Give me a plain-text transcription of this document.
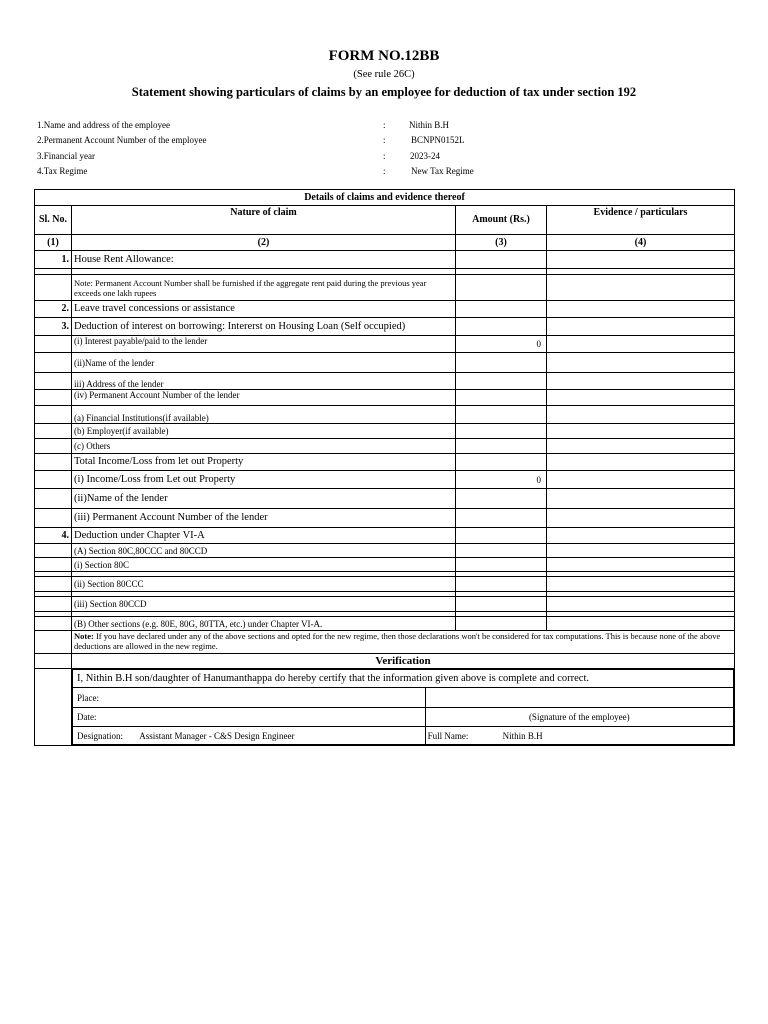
FORM NO.12BB
(See rule 26C)
Statement showing particulars of claims by an employee for deduction of tax under section 192
1.Name and address of the employee	:	Nithin B.H
2.Permanent Account Number of the employee	:	BCNPN0152L
3.Financial year	:	2023-24
4.Tax Regime	:	New Tax Regime
Details of claims and evidence thereof
Sl. No.	Nature of claim	Amount (Rs.)	Evidence / particulars
(1)	(2)	(3)	(4)
1.	House Rent Allowance:		

	Note: Permanent Account Number shall be furnished if the aggregate rent paid during the previous year exceeds one lakh rupees		
2.	Leave travel concessions or assistance		
3.	Deduction of interest on borrowing: Intererst on Housing Loan (Self occupied)		
	(i) Interest payable/paid to the lender	0	
	(ii)Name of the lender		
	iii) Address of the lender		
	(iv) Permanent Account Number of the lender		
	(a) Financial Institutions(if available)		
	(b) Employer(if available)		
	(c) Others		
	Total Income/Loss from let out Property		
	(i) Income/Loss from Let out Property	0	
	(ii)Name of the lender		
	(iii) Permanent Account Number of the lender		
4.	Deduction under Chapter VI-A		
	(A) Section 80C,80CCC and 80CCD		
	(i) Section 80C		

	(ii) Section 80CCC		

	(iii) Section 80CCD		

	(B) Other sections (e.g. 80E, 80G, 80TTA, etc.) under Chapter VI-A.		
	Note: If you have declared under any of the above sections and opted for the new regime, then those declarations won't be considered for tax computations. This is because none of the above deductions are allowed in the new regime.
	Verification

I, Nithin B.H son/daughter of Hanumanthappa do hereby certify that the information given above is complete and correct.
Place:	
Date:	(Signature of the employee)
Designation: Assistant Manager - C&S Design Engineer	Full Name:	Nithin B.H
